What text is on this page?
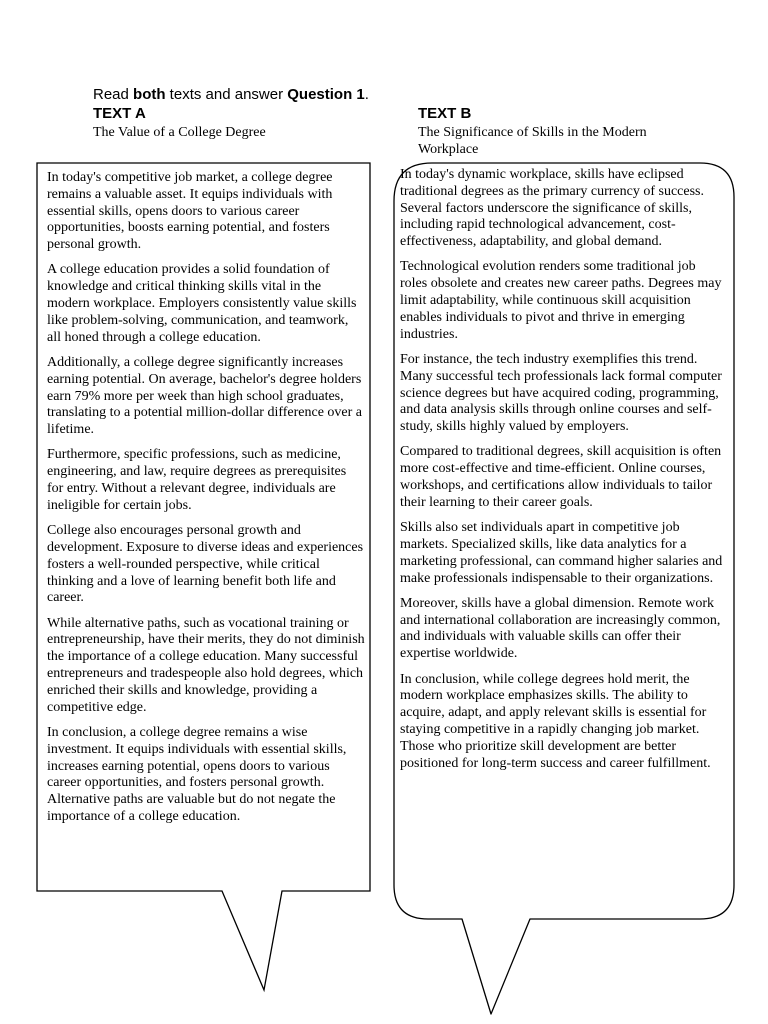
Read both texts and answer Question 1.
TEXT A
The Value of a College Degree
TEXT B
The Significance of Skills in the Modern Workplace

In today's competitive job market, a college degree remains a valuable asset. It equips individuals with essential skills, opens doors to various career opportunities, boosts earning potential, and fosters personal growth.

A college education provides a solid foundation of knowledge and critical thinking skills vital in the modern workplace. Employers consistently value skills like problem-solving, communication, and teamwork, all honed through a college education.

Additionally, a college degree significantly increases earning potential. On average, bachelor's degree holders earn 79% more per week than high school graduates, translating to a potential million-dollar difference over a lifetime.

Furthermore, specific professions, such as medicine, engineering, and law, require degrees as prerequisites for entry. Without a relevant degree, individuals are ineligible for certain jobs.

College also encourages personal growth and development. Exposure to diverse ideas and experiences fosters a well-rounded perspective, while critical thinking and a love of learning benefit both life and career.

While alternative paths, such as vocational training or entrepreneurship, have their merits, they do not diminish the importance of a college education. Many successful entrepreneurs and tradespeople also hold degrees, which enriched their skills and knowledge, providing a competitive edge.

In conclusion, a college degree remains a wise investment. It equips individuals with essential skills, increases earning potential, opens doors to various career opportunities, and fosters personal growth. Alternative paths are valuable but do not negate the importance of a college education.

In today's dynamic workplace, skills have eclipsed traditional degrees as the primary currency of success. Several factors underscore the significance of skills, including rapid technological advancement, cost-effectiveness, adaptability, and global demand.

Technological evolution renders some traditional job roles obsolete and creates new career paths. Degrees may limit adaptability, while continuous skill acquisition enables individuals to pivot and thrive in emerging industries.

For instance, the tech industry exemplifies this trend. Many successful tech professionals lack formal computer science degrees but have acquired coding, programming, and data analysis skills through online courses and self-study, skills highly valued by employers.

Compared to traditional degrees, skill acquisition is often more cost-effective and time-efficient. Online courses, workshops, and certifications allow individuals to tailor their learning to their career goals.

Skills also set individuals apart in competitive job markets. Specialized skills, like data analytics for a marketing professional, can command higher salaries and make professionals indispensable to their organizations.

Moreover, skills have a global dimension. Remote work and international collaboration are increasingly common, and individuals with valuable skills can offer their expertise worldwide.

In conclusion, while college degrees hold merit, the modern workplace emphasizes skills. The ability to acquire, adapt, and apply relevant skills is essential for staying competitive in a rapidly changing job market. Those who prioritize skill development are better positioned for long-term success and career fulfillment.
